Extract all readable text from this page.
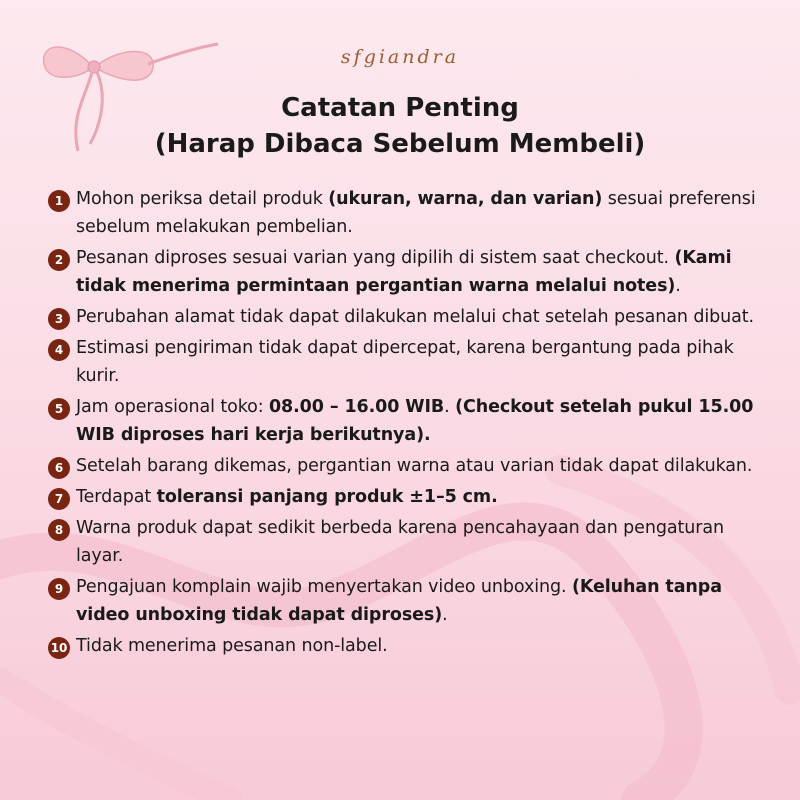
sfgiandra
Catatan Penting
(Harap Dibaca Sebelum Membeli)
1 Mohon periksa detail produk (ukuran, warna, dan varian) sesuai preferensi sebelum melakukan pembelian.
2 Pesanan diproses sesuai varian yang dipilih di sistem saat checkout. (Kami tidak menerima permintaan pergantian warna melalui notes).
3 Perubahan alamat tidak dapat dilakukan melalui chat setelah pesanan dibuat.
4 Estimasi pengiriman tidak dapat dipercepat, karena bergantung pada pihak kurir.
5 Jam operasional toko: 08.00 – 16.00 WIB. (Checkout setelah pukul 15.00 WIB diproses hari kerja berikutnya).
6 Setelah barang dikemas, pergantian warna atau varian tidak dapat dilakukan.
7 Terdapat toleransi panjang produk ±1–5 cm.
8 Warna produk dapat sedikit berbeda karena pencahayaan dan pengaturan layar.
9 Pengajuan komplain wajib menyertakan video unboxing. (Keluhan tanpa video unboxing tidak dapat diproses).
10 Tidak menerima pesanan non-label.
